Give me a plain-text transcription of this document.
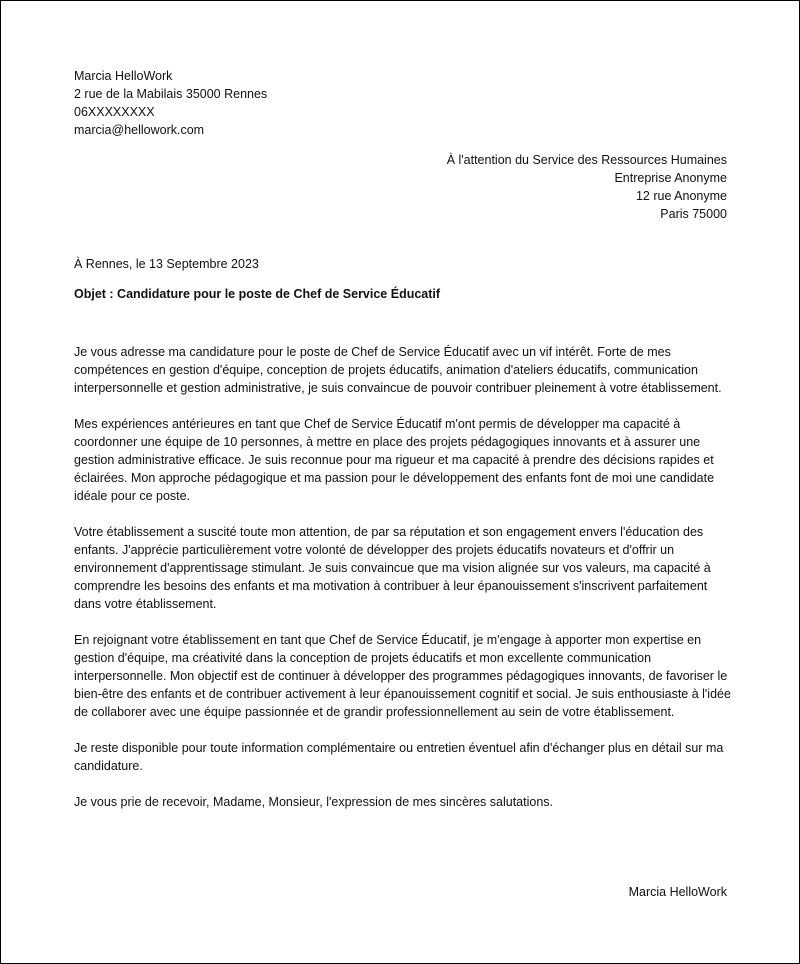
Marcia HelloWork
2 rue de la Mabilais 35000 Rennes
06XXXXXXXX
marcia@hellowork.com
À l'attention du Service des Ressources Humaines
Entreprise Anonyme
12 rue Anonyme
Paris 75000
À Rennes, le 13 Septembre 2023
Objet : Candidature pour le poste de Chef de Service Éducatif

Je vous adresse ma candidature pour le poste de Chef de Service Éducatif avec un vif intérêt. Forte de mes compétences en gestion d'équipe, conception de projets éducatifs, animation d'ateliers éducatifs, communication interpersonnelle et gestion administrative, je suis convaincue de pouvoir contribuer pleinement à votre établissement.

Mes expériences antérieures en tant que Chef de Service Éducatif m'ont permis de développer ma capacité à coordonner une équipe de 10 personnes, à mettre en place des projets pédagogiques innovants et à assurer une gestion administrative efficace. Je suis reconnue pour ma rigueur et ma capacité à prendre des décisions rapides et éclairées. Mon approche pédagogique et ma passion pour le développement des enfants font de moi une candidate idéale pour ce poste.

Votre établissement a suscité toute mon attention, de par sa réputation et son engagement envers l'éducation des enfants. J'apprécie particulièrement votre volonté de développer des projets éducatifs novateurs et d'offrir un environnement d'apprentissage stimulant. Je suis convaincue que ma vision alignée sur vos valeurs, ma capacité à comprendre les besoins des enfants et ma motivation à contribuer à leur épanouissement s'inscrivent parfaitement dans votre établissement.

En rejoignant votre établissement en tant que Chef de Service Éducatif, je m'engage à apporter mon expertise en gestion d'équipe, ma créativité dans la conception de projets éducatifs et mon excellente communication interpersonnelle. Mon objectif est de continuer à développer des programmes pédagogiques innovants, de favoriser le bien-être des enfants et de contribuer activement à leur épanouissement cognitif et social. Je suis enthousiaste à l'idée de collaborer avec une équipe passionnée et de grandir professionnellement au sein de votre établissement.

Je reste disponible pour toute information complémentaire ou entretien éventuel afin d'échanger plus en détail sur ma candidature.

Je vous prie de recevoir, Madame, Monsieur, l'expression de mes sincères salutations.

Marcia HelloWork
